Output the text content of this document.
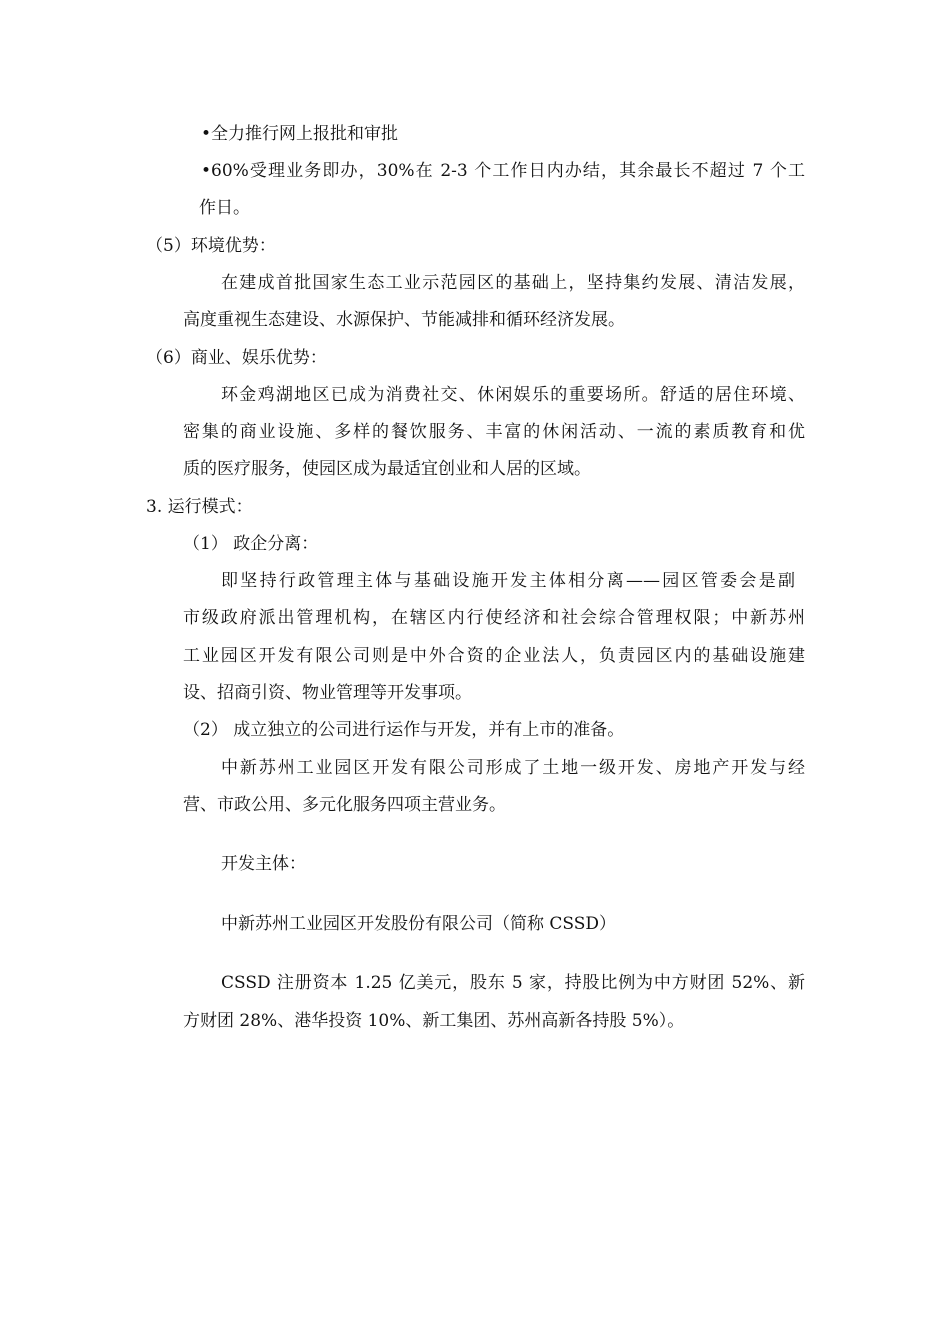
•全力推行网上报批和审批
•60%受理业务即办，30%在 2-3 个工作日内办结，其余最长不超过 7 个工
作日。
（5）环境优势：
在建成首批国家生态工业示范园区的基础上，坚持集约发展、清洁发展，
高度重视生态建设、水源保护、节能减排和循环经济发展。
（6）商业、娱乐优势：
环金鸡湖地区已成为消费社交、休闲娱乐的重要场所。舒适的居住环境、
密集的商业设施、多样的餐饮服务、丰富的休闲活动、一流的素质教育和优
质的医疗服务，使园区成为最适宜创业和人居的区域。
3. 运行模式：
（1） 政企分离：
即坚持行政管理主体与基础设施开发主体相分离——园区管委会是副
市级政府派出管理机构，在辖区内行使经济和社会综合管理权限；中新苏州
工业园区开发有限公司则是中外合资的企业法人，负责园区内的基础设施建
设、招商引资、物业管理等开发事项。
（2） 成立独立的公司进行运作与开发，并有上市的准备。
中新苏州工业园区开发有限公司形成了土地一级开发、房地产开发与经
营、市政公用、多元化服务四项主营业务。
开发主体：
中新苏州工业园区开发股份有限公司（简称 CSSD）
CSSD 注册资本 1.25 亿美元，股东 5 家，持股比例为中方财团 52%、新
方财团 28%、港华投资 10%、新工集团、苏州高新各持股 5%）。
